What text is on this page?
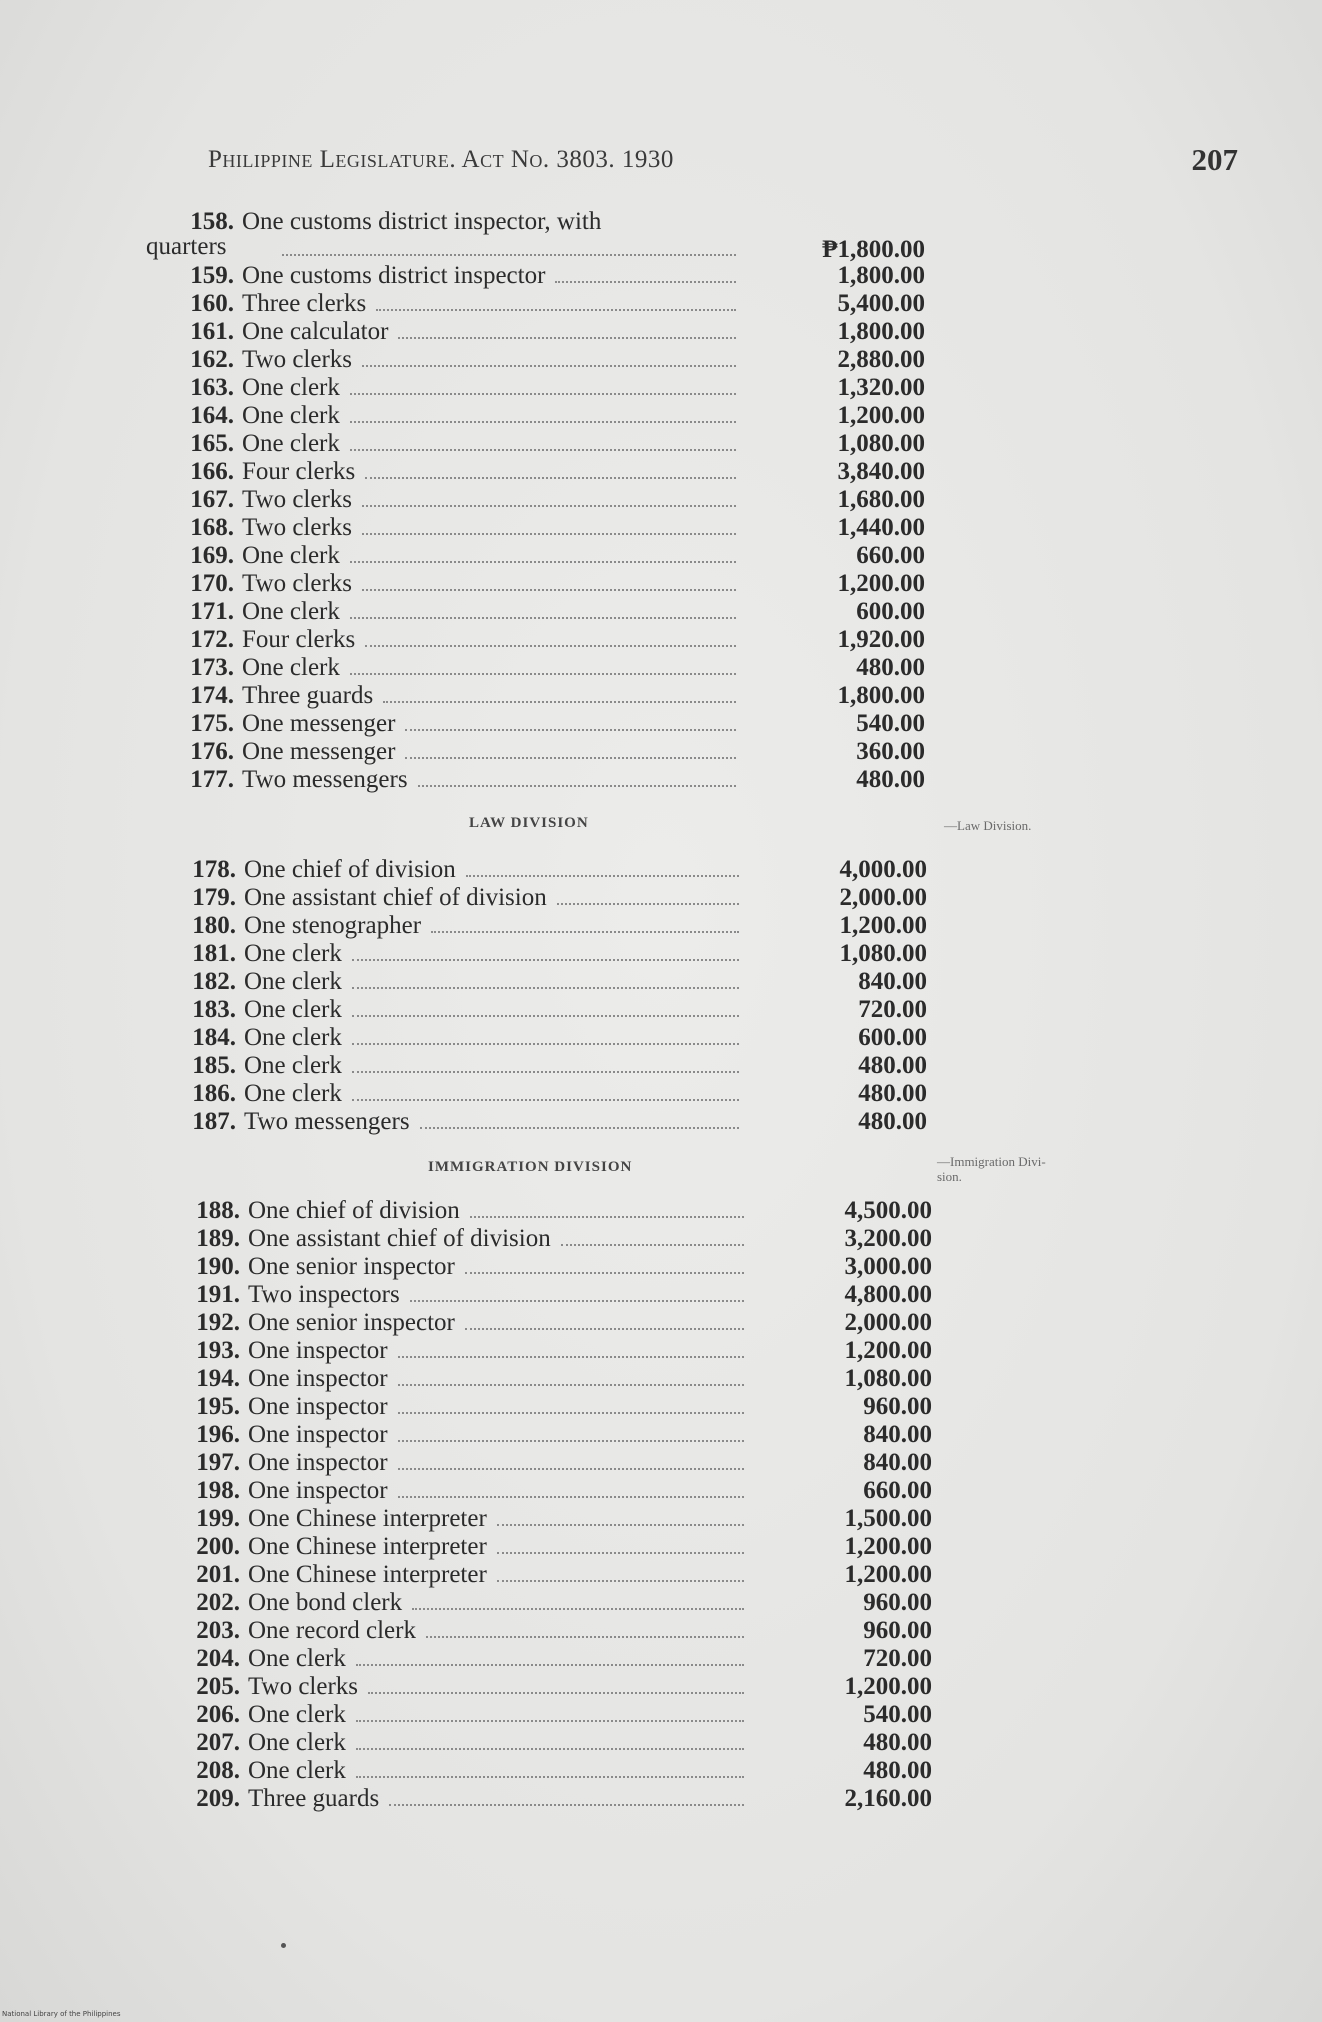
Philippine Legislature. Act No. 3803. 1930	207
158. One customs district inspector, with
quarters	₱1,800.00
159. One customs district inspector	1,800.00
160. Three clerks	5,400.00
161. One calculator	1,800.00
162. Two clerks	2,880.00
163. One clerk	1,320.00
164. One clerk	1,200.00
165. One clerk	1,080.00
166. Four clerks	3,840.00
167. Two clerks	1,680.00
168. Two clerks	1,440.00
169. One clerk	660.00
170. Two clerks	1,200.00
171. One clerk	600.00
172. Four clerks	1,920.00
173. One clerk	480.00
174. Three guards	1,800.00
175. One messenger	540.00
176. One messenger	360.00
177. Two messengers	480.00
LAW DIVISION	—Law Division.
178. One chief of division	4,000.00
179. One assistant chief of division	2,000.00
180. One stenographer	1,200.00
181. One clerk	1,080.00
182. One clerk	840.00
183. One clerk	720.00
184. One clerk	600.00
185. One clerk	480.00
186. One clerk	480.00
187. Two messengers	480.00
IMMIGRATION DIVISION	—Immigration Divi-
sion.
188. One chief of division	4,500.00
189. One assistant chief of division	3,200.00
190. One senior inspector	3,000.00
191. Two inspectors	4,800.00
192. One senior inspector	2,000.00
193. One inspector	1,200.00
194. One inspector	1,080.00
195. One inspector	960.00
196. One inspector	840.00
197. One inspector	840.00
198. One inspector	660.00
199. One Chinese interpreter	1,500.00
200. One Chinese interpreter	1,200.00
201. One Chinese interpreter	1,200.00
202. One bond clerk	960.00
203. One record clerk	960.00
204. One clerk	720.00
205. Two clerks	1,200.00
206. One clerk	540.00
207. One clerk	480.00
208. One clerk	480.00
209. Three guards	2,160.00
National Library of the Philippines
